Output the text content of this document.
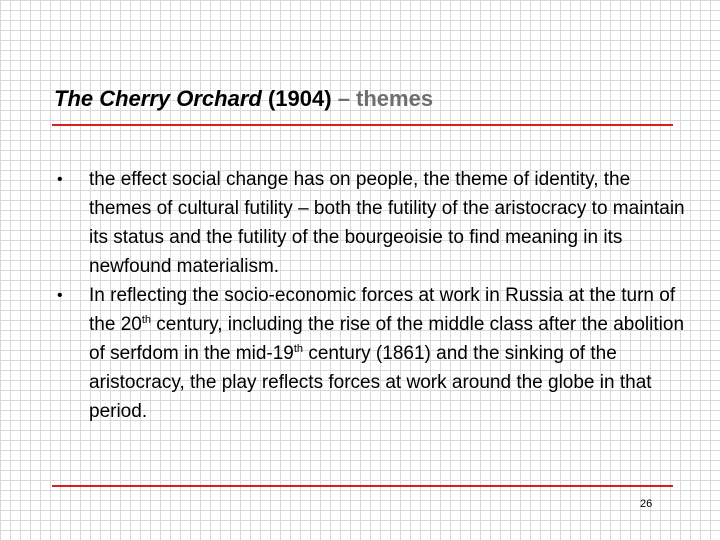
The Cherry Orchard (1904) – themes
• the effect social change has on people, the theme of identity, the themes of cultural futility – both the futility of the aristocracy to maintain its status and the futility of the bourgeoisie to find meaning in its newfound materialism.
• In reflecting the socio-economic forces at work in Russia at the turn of the 20th century, including the rise of the middle class after the abolition of serfdom in the mid-19th century (1861) and the sinking of the aristocracy, the play reflects forces at work around the globe in that period.
26
